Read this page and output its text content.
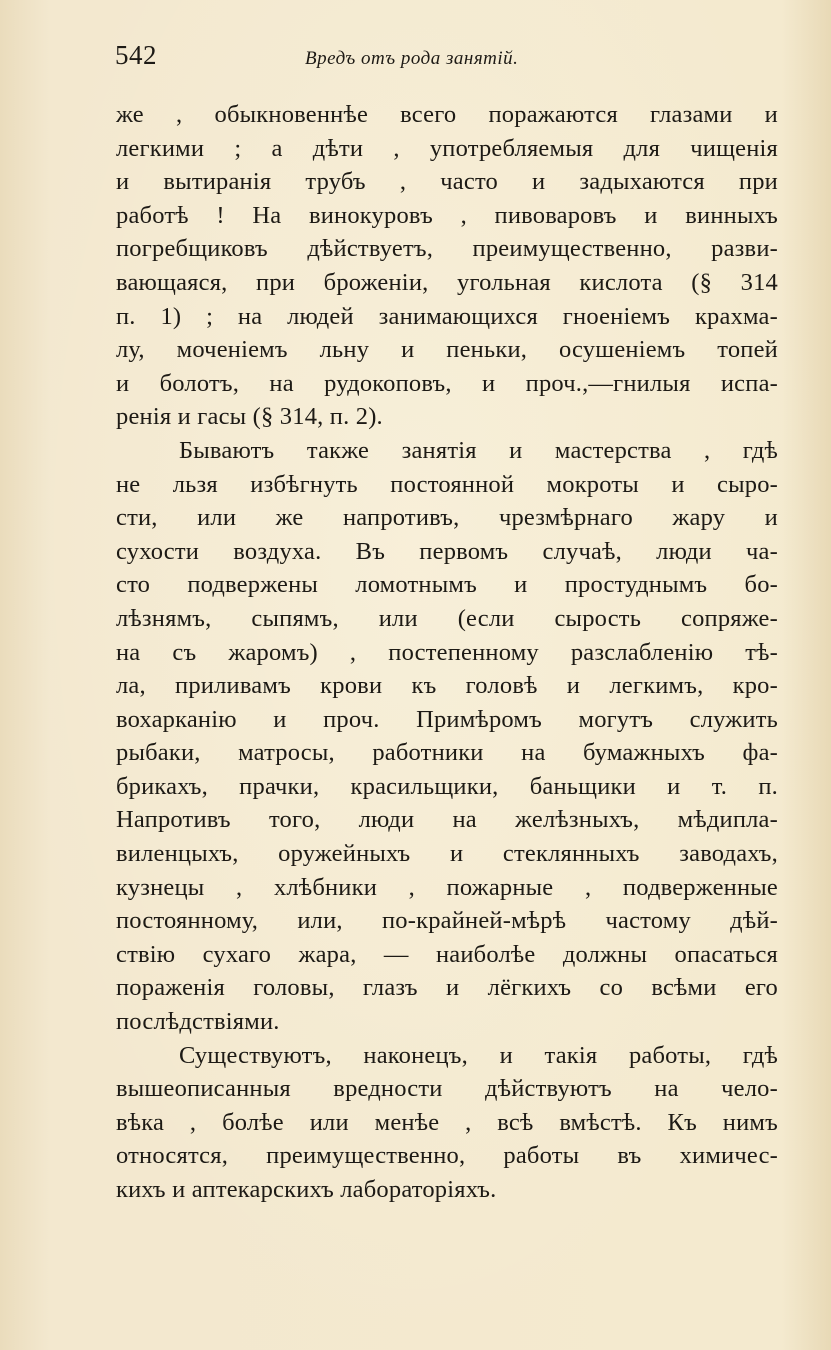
542	Вредъ отъ рода занятій.
же , обыкновеннѣе всего поражаются глазами и
легкими ; а дѣти , употребляемыя для чищенія
и вытиранія трубъ , часто и задыхаются при
работѣ ! На винокуровъ , пивоваровъ и винныхъ
погребщиковъ дѣйствуетъ, преимущественно, разви-
вающаяся, при броженіи, угольная кислота (§ 314
п. 1) ; на людей занимающихся гноеніемъ крахма-
лу, моченіемъ льну и пеньки, осушеніемъ топей
и болотъ, на рудокоповъ, и проч.,—гнилыя испа-
ренія и гасы (§ 314, п. 2).
Бываютъ также занятія и мастерства , гдѣ
не льзя избѣгнуть постоянной мокроты и сыро-
сти, или же напротивъ, чрезмѣрнаго жару и
сухости воздуха. Въ первомъ случаѣ, люди ча-
сто подвержены ломотнымъ и простуднымъ бо-
лѣзнямъ, сыпямъ, или (если сырость сопряже-
на съ жаромъ) , постепенному разслабленію тѣ-
ла, приливамъ крови къ головѣ и легкимъ, кро-
вохарканію и проч. Примѣромъ могутъ служить
рыбаки, матросы, работники на бумажныхъ фа-
брикахъ, прачки, красильщики, баньщики и т. п.
Напротивъ того, люди на желѣзныхъ, мѣдипла-
виленцыхъ, оружейныхъ и стеклянныхъ заводахъ,
кузнецы , хлѣбники , пожарные , подверженные
постоянному, или, по-крайней-мѣрѣ частому дѣй-
ствію сухаго жара, — наиболѣе должны опасаться
пораженія головы, глазъ и лёгкихъ со всѣми его
послѣдствіями.
Существуютъ, наконецъ, и такія работы, гдѣ
вышеописанныя вредности дѣйствуютъ на чело-
вѣка , болѣе или менѣе , всѣ вмѣстѣ. Къ нимъ
относятся, преимущественно, работы въ химичес-
кихъ и аптекарскихъ лабораторіяхъ.
